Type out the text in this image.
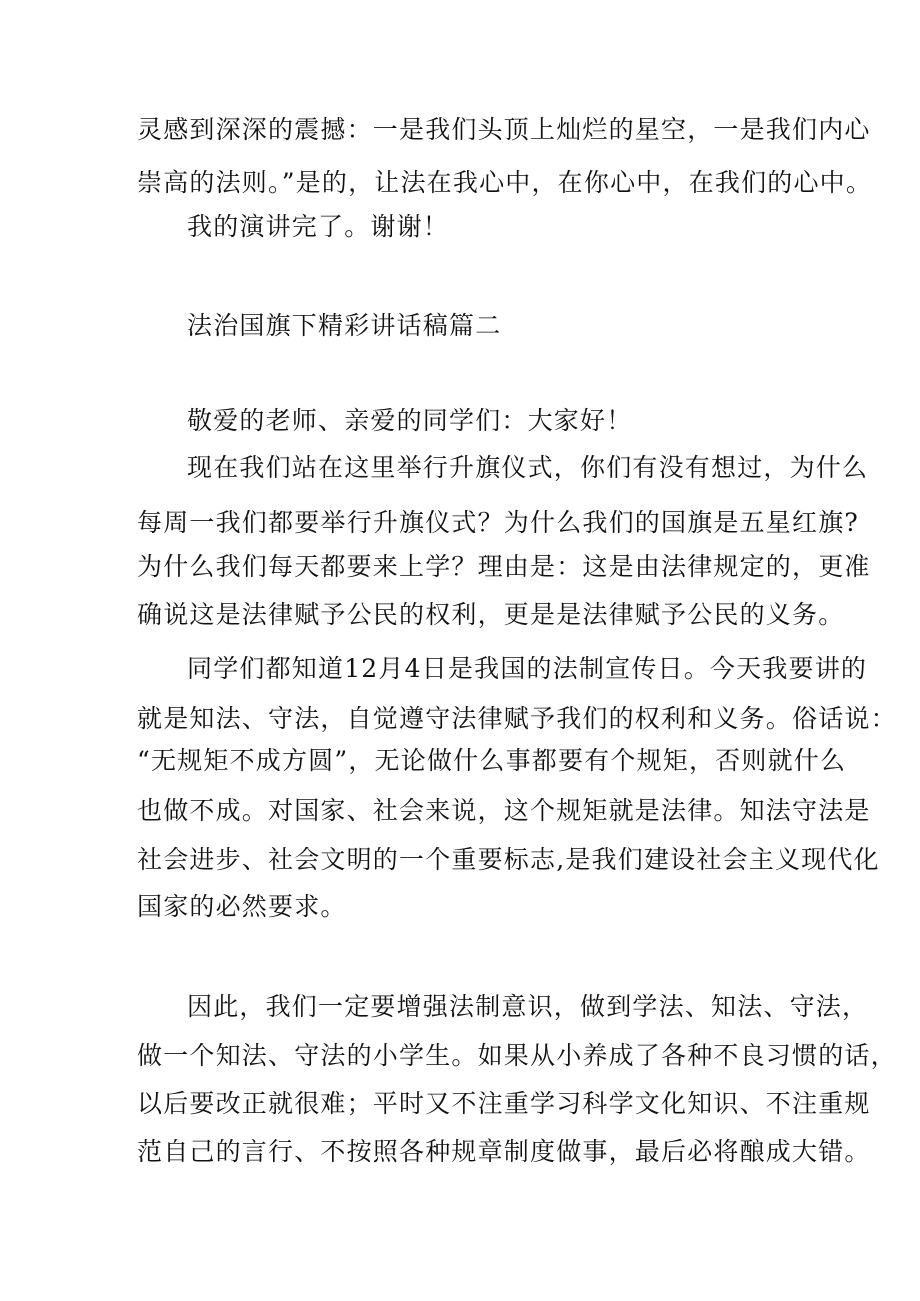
灵感到深深的震撼：一是我们头顶上灿烂的星空，一是我们内心
崇高的法则。”是的，让法在我心中，在你心中，在我们的心中。
我的演讲完了。谢谢！
法治国旗下精彩讲话稿篇二
敬爱的老师、亲爱的同学们：大家好！
现在我们站在这里举行升旗仪式，你们有没有想过，为什么
每周一我们都要举行升旗仪式？为什么我们的国旗是五星红旗?
为什么我们每天都要来上学？理由是：这是由法律规定的，更准
确说这是法律赋予公民的权利，更是是法律赋予公民的义务。
同学们都知道12月4日是我国的法制宣传日。今天我要讲的
就是知法、守法，自觉遵守法律赋予我们的权利和义务。俗话说：
“无规矩不成方圆”，无论做什么事都要有个规矩，否则就什么
也做不成。对国家、社会来说，这个规矩就是法律。知法守法是
社会进步、社会文明的一个重要标志,是我们建设社会主义现代化
国家的必然要求。
因此，我们一定要增强法制意识，做到学法、知法、守法，
做一个知法、守法的小学生。如果从小养成了各种不良习惯的话，
以后要改正就很难；平时又不注重学习科学文化知识、不注重规
范自己的言行、不按照各种规章制度做事，最后必将酿成大错。
